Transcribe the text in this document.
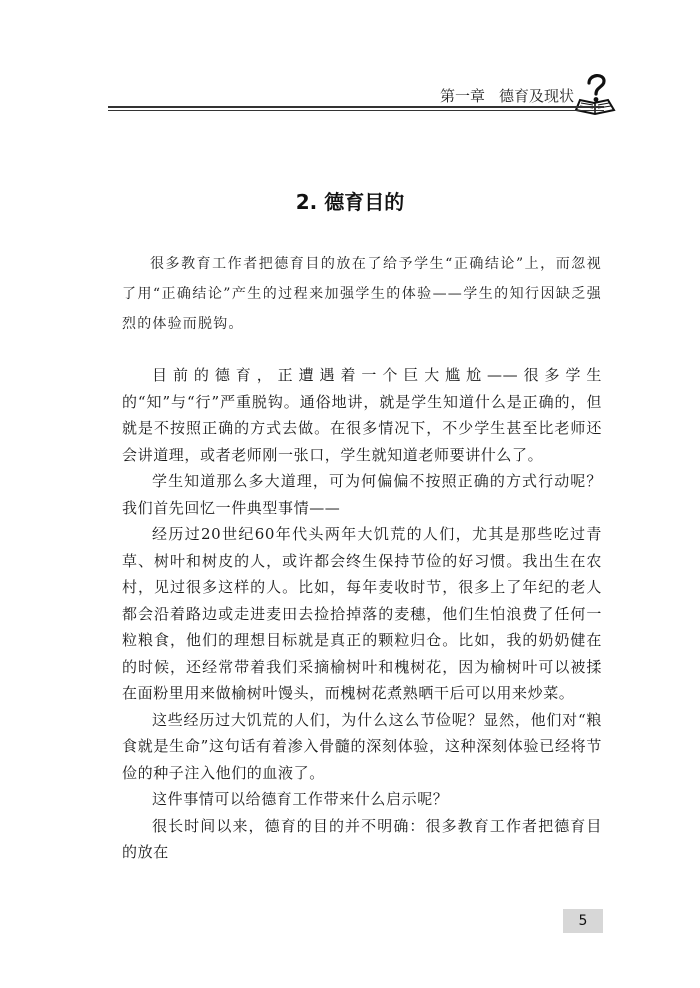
第一章 德育及现状
2. 德育目的
很多教育工作者把德育目的放在了给予学生“正确结论”上，而忽视了用“正确结论”产生的过程来加强学生的体验——学生的知行因缺乏强烈的体验而脱钩。

目前的德育，正遭遇着一个巨大尴尬——很多学生的“知”与“行”严重脱钩。通俗地讲，就是学生知道什么是正确的，但就是不按照正确的方式去做。在很多情况下，不少学生甚至比老师还会讲道理，或者老师刚一张口，学生就知道老师要讲什么了。

学生知道那么多大道理，可为何偏偏不按照正确的方式行动呢？我们首先回忆一件典型事情——

经历过20世纪60年代头两年大饥荒的人们，尤其是那些吃过青草、树叶和树皮的人，或许都会终生保持节俭的好习惯。我出生在农村，见过很多这样的人。比如，每年麦收时节，很多上了年纪的老人都会沿着路边或走进麦田去捡拾掉落的麦穗，他们生怕浪费了任何一粒粮食，他们的理想目标就是真正的颗粒归仓。比如，我的奶奶健在的时候，还经常带着我们采摘榆树叶和槐树花，因为榆树叶可以被揉在面粉里用来做榆树叶馒头，而槐树花煮熟晒干后可以用来炒菜。

这些经历过大饥荒的人们，为什么这么节俭呢？显然，他们对“粮食就是生命”这句话有着渗入骨髓的深刻体验，这种深刻体验已经将节俭的种子注入他们的血液了。

这件事情可以给德育工作带来什么启示呢？

很长时间以来，德育的目的并不明确：很多教育工作者把德育目的放在

5
